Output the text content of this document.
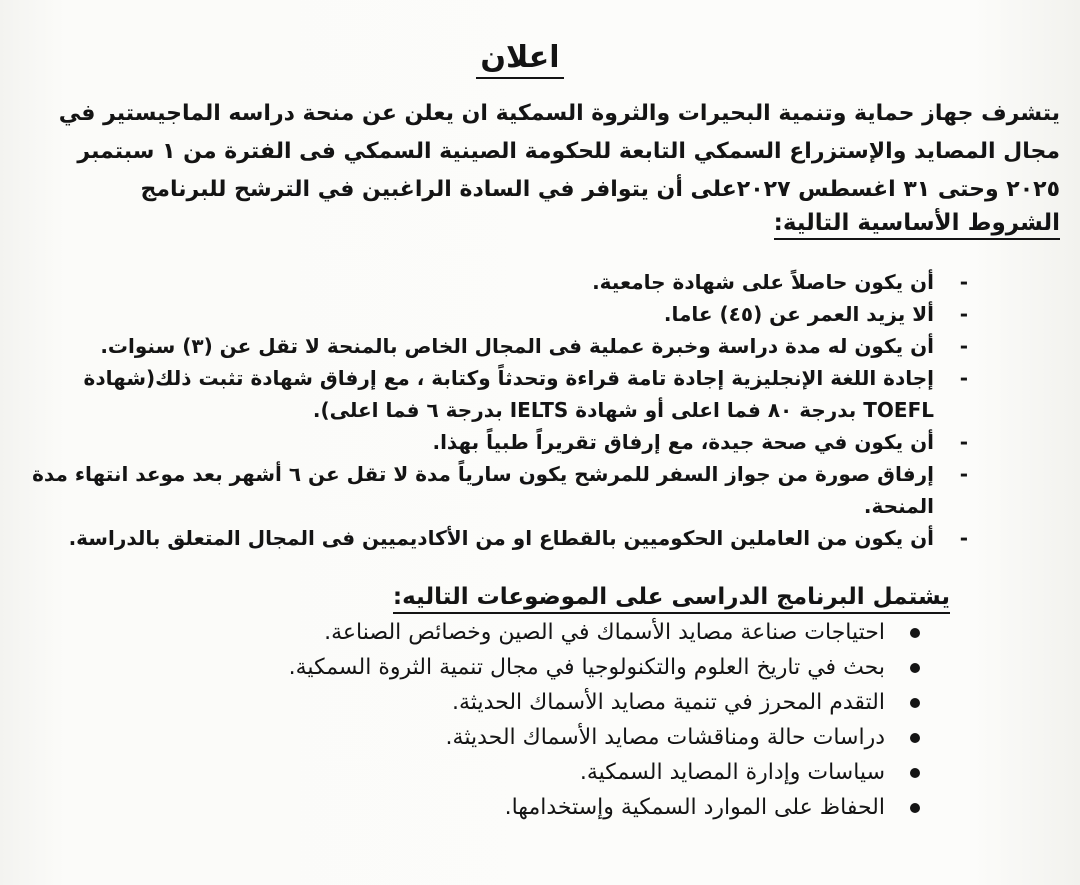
اعلان
يتشرف جهاز حماية وتنمية البحيرات والثروة السمكية ان يعلن عن منحة دراسه الماجيستير في
مجال المصايد والإستزراع السمكي التابعة للحكومة الصينية السمكي فى الفترة من ١ سبتمبر
٢٠٢٥ وحتى ٣١ اغسطس ٢٠٢٧على أن يتوافر في السادة الراغبين في الترشح للبرنامج
الشروط الأساسية التالية:
-
أن يكون حاصلاً على شهادة جامعية.
-
ألا يزيد العمر عن (٤٥) عاما.
-
أن يكون له مدة دراسة وخبرة عملية فى المجال الخاص بالمنحة لا تقل عن (٣) سنوات.
-
إجادة اللغة الإنجليزية إجادة تامة قراءة وتحدثاً وكتابة ، مع إرفاق شهادة تثبت ذلك(شهادة TOEFL بدرجة ٨٠ فما اعلى أو شهادة IELTS بدرجة ٦ فما اعلى).
-
أن يكون في صحة جيدة، مع إرفاق تقريراً طبياً بهذا.
-
إرفاق صورة من جواز السفر للمرشح يكون سارياً مدة لا تقل عن ٦ أشهر بعد موعد انتهاء مدة المنحة.
-
أن يكون من العاملين الحكوميين بالقطاع او من الأكاديميين فى المجال المتعلق بالدراسة.
يشتمل البرنامج الدراسى على الموضوعات التاليه:
احتياجات صناعة مصايد الأسماك في الصين وخصائص الصناعة.
بحث في تاريخ العلوم والتكنولوجيا في مجال تنمية الثروة السمكية.
التقدم المحرز في تنمية مصايد الأسماك الحديثة.
دراسات حالة ومناقشات مصايد الأسماك الحديثة.
سياسات وإدارة المصايد السمكية.
الحفاظ على الموارد السمكية وإستخدامها.
